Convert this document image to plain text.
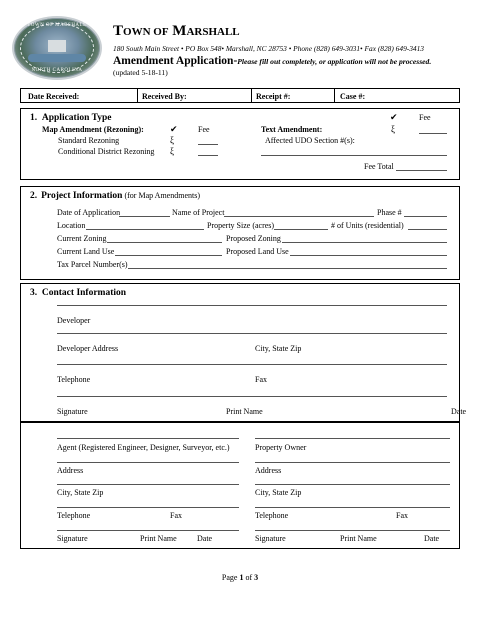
TOWN OF MARSHALL
NORTH CAROLINA
TOWN OF MARSHALL
180 South Main Street • PO Box 548• Marshall, NC 28753 • Phone (828) 649-3031• Fax (828) 649-3413
Amendment Application-Please fill out completely, or application will not be processed.
(updated 5-18-11)
Date Received:	Received By:	Receipt #:	Case #:
1. Application Type	✔	Fee
Map Amendment (Rezoning):	✔	Fee	Text Amendment:	ξ
Standard Rezoning	ξ	Affected UDO Section #(s):
Conditional District Rezoning ξ
Fee Total
2. Project Information (for Map Amendments)
Date of Application	Name of Project	Phase #
Location	Property Size (acres)	# of Units (residential)
Current Zoning	Proposed Zoning
Current Land Use	Proposed Land Use
Tax Parcel Number(s)
3. Contact Information
Developer
Developer Address	City, State Zip
Telephone	Fax
Signature	Print Name	Date
Agent (Registered Engineer, Designer, Surveyor, etc.)	Property Owner
Address	Address
City, State Zip	City, State Zip
Telephone	Fax	Telephone	Fax
Signature	Print Name	Date	Signature	Print Name	Date
Page 1 of 3
